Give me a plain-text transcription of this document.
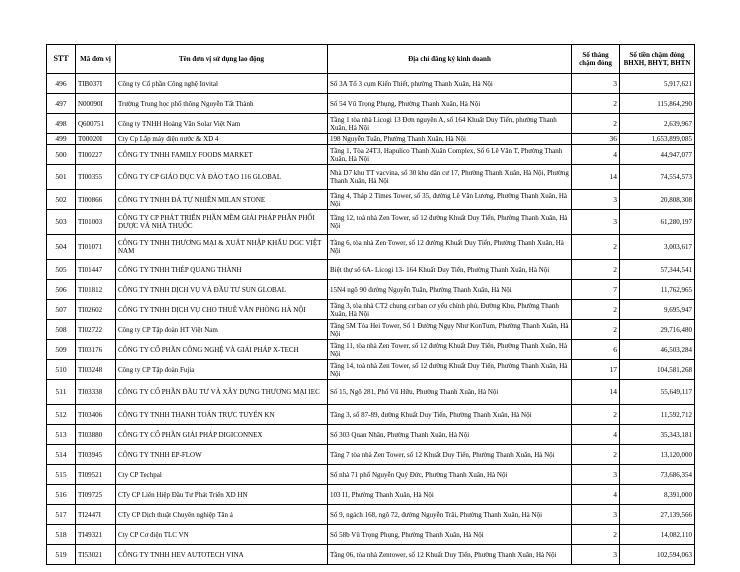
STT	Mã đơn vị	Tên đơn vị sử dụng lao động	Địa chỉ đăng ký kinh doanh	Số tháng chậm đóng	Số tiền chậm đóng BHXH, BHYT, BHTN
496	TIB037I	Công ty Cổ phần Công nghệ Invital	Số 3A Tổ 3 cụm Kiến Thiết, phường Thanh Xuân, Hà Nội	3	5,917,621
497	N00090I	Trường Trung học phổ thông Nguyễn Tất Thành	Số 54 Vũ Trọng Phụng, Phường Thanh Xuân, Hà Nội	2	115,864,290
498	Q600751	Công ty TNHH Hoàng Văn Solar Việt Nam	Tầng 1 tòa nhà Licogi 13 Đơn nguyên A, số 164 Khuất Duy Tiến, phường Thanh Xuân, Hà Nội	2	2,639,967
499	T00020I	Cty Cp Lắp máy điện nước & XD 4	198 Nguyễn Tuân, Phường Thanh Xuân, Hà Nội	36	1,653,899,085
500	TI00227	CÔNG TY TNHH FAMILY FOODS MARKET	Tầng 1, Tòa 24T3, Hapulico Thanh Xuân Complex, Số 6 Lê Văn T, Phường Thanh Xuân, Hà Nội	4	44,947,077
501	TI00355	CÔNG TY CP GIÁO DỤC VÀ ĐÀO TẠO 116 GLOBAL	Nhà D7 khu TT vacvina, số 30 khu dân cư 17, Phường Thanh Xuân, Hà Nội, Phường Thanh Xuân, Hà Nội	14	74,554,573
502	TI00866	CÔNG TY TNHH ĐÁ TỰ NHIÊN MILAN STONE	Tầng 4, Tháp 2 Times Tower, số 35, đường Lê Văn Lương, Phường Thanh Xuân, Hà Nội	3	20,808,308
503	TI01003	CÔNG TY CP PHÁT TRIỂN PHẦN MỀM GIẢI PHÁP PHÂN PHỐI DƯỢC VÀ NHÀ THUỐC	Tầng 12, toà nhà Zen Tower, số 12 đường Khuất Duy Tiến, Phường Thanh Xuân, Hà Nội	3	61,280,197
504	TI01071	CÔNG TY TNHH THƯƠNG MẠI & XUẤT NHẬP KHẨU DGC VIỆT NAM	Tầng 6, tòa nhà Zen Tower, số 12 đường Khuất Duy Tiến, Phường Thanh Xuân, Hà Nội	2	3,003,617
505	TI01447	CÔNG TY TNHH THÉP QUANG THÀNH	Biệt thự số 6A- Licogi 13- 164 Khuất Duy Tiến, Phường Thanh Xuân, Hà Nội	2	57,344,541
506	TI01812	CÔNG TY TNHH DỊCH VỤ VÀ ĐẦU TƯ SUN GLOBAL	15N4 ngõ 90 đường Nguyễn Tuân, Phường Thanh Xuân, Hà Nội	7	11,762,965
507	TI02602	CÔNG TY TNHH DỊCH VỤ CHO THUÊ VĂN PHÒNG HÀ NỘI	Tầng 3, tòa nhà CT2 chung cư ban cơ yếu chính phủ, Đường Khu, Phường Thanh Xuân, Hà Nội	2	9,695,947
508	TI02722	Công ty CP Tập đoàn HT Việt Nam	Tầng 5M Tòa Hei Tower, Số 1 Đường Ngụy Như KonTum, Phường Thanh Xuân, Hà Nội	2	29,716,480
509	TI03176	CÔNG TY CỔ PHẦN CÔNG NGHỆ VÀ GIẢI PHÁP X-TECH	Tầng 11, tòa nhà Zen Tower, số 12 đường Khuất Duy Tiến, Phường Thanh Xuân, Hà Nội	6	46,503,284
510	TI03248	Công ty CP Tập đoàn Fujia	Tầng 14, toà nhà Zen Tower, số 12 đường Khuất Duy Tiến, Phường Thanh Xuân, Hà Nội	17	104,581,268
511	TI03338	CÔNG TY CỔ PHẦN ĐẦU TƯ VÀ XÂY DỰNG THƯƠNG MẠI IEC	Số 15, Ngõ 281, Phố Vũ Hữu, Phường Thanh Xuân, Hà Nội	14	55,649,117
512	TI03406	CÔNG TY TNHH THANH TOÁN TRỰC TUYẾN KN	Tầng 3, số 87-89, đường Khuất Duy Tiến, Phường Thanh Xuân, Hà Nội	2	11,592,712
513	TI03880	CÔNG TY CỔ PHẦN GIẢI PHÁP DIGICONNEX	Số 303 Quan Nhân, Phường Thanh Xuân, Hà Nội	4	35,343,181
514	TI03945	CÔNG TY TNHH EP-FLOW	Tầng 7 tòa nhà Zen Tower, số 12 Khuất Duy Tiến, Phường Thanh Xuân, Hà Nội	2	13,120,000
515	TI09521	Cty CP Techpal	Số nhà 71 phố Nguyễn Quý Đức, Phường Thanh Xuân, Hà Nội	3	73,686,354
516	TI09725	CTy CP Liên Hiệp Đầu Tư Phát Triển XD HN	103 I1, Phường Thanh Xuân, Hà Nội	4	8,391,000
517	TI2447I	CTy CP Dịch thuật Chuyên nghiệp Tân á	Số 9, ngách 168, ngõ 72, đường Nguyễn Trãi, Phường Thanh Xuân, Hà Nội	3	27,139,566
518	TI49321	Cty CP Cơ điện TLC VN	Số 58b Vũ Trọng Phụng, Phường Thanh Xuân, Hà Nội	2	14,082,110
519	TI53021	CÔNG TY TNHH HEV AUTOTECH VINA	Tầng 06, tòa nhà Zentower, số 12 Khuất Duy Tiến, Phường Thanh Xuân, Hà Nội	3	102,594,063
